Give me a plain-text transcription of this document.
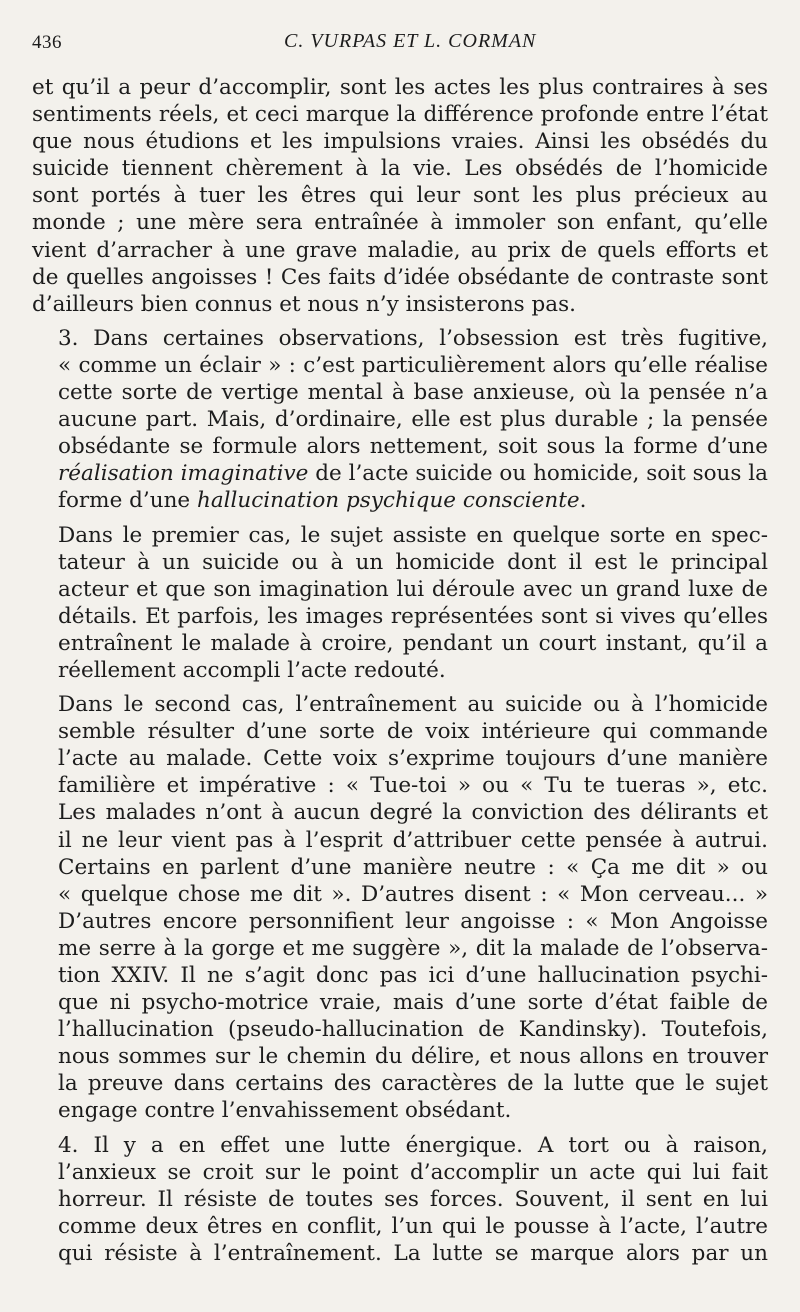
436	C. VURPAS ET L. CORMAN

et qu’il a peur d’accomplir, sont les actes les plus contraires à ses
sentiments réels, et ceci marque la différence profonde entre l’état
que nous étudions et les impulsions vraies. Ainsi les obsédés du
suicide tiennent chèrement à la vie. Les obsédés de l’homicide
sont portés à tuer les êtres qui leur sont les plus précieux au
monde ; une mère sera entraînée à immoler son enfant, qu’elle
vient d’arracher à une grave maladie, au prix de quels efforts et
de quelles angoisses ! Ces faits d’idée obsédante de contraste sont
d’ailleurs bien connus et nous n’y insisterons pas.

3. Dans certaines observations, l’obsession est très fugitive,
« comme un éclair » : c’est particulièrement alors qu’elle réalise
cette sorte de vertige mental à base anxieuse, où la pensée n’a
aucune part. Mais, d’ordinaire, elle est plus durable ; la pensée
obsédante se formule alors nettement, soit sous la forme d’une
réalisation imaginative de l’acte suicide ou homicide, soit sous la
forme d’une hallucination psychique consciente.

Dans le premier cas, le sujet assiste en quelque sorte en spec-
tateur à un suicide ou à un homicide dont il est le principal
acteur et que son imagination lui déroule avec un grand luxe de
détails. Et parfois, les images représentées sont si vives qu’elles
entraînent le malade à croire, pendant un court instant, qu’il a
réellement accompli l’acte redouté.

Dans le second cas, l’entraînement au suicide ou à l’homicide
semble résulter d’une sorte de voix intérieure qui commande
l’acte au malade. Cette voix s’exprime toujours d’une manière
familière et impérative : « Tue-toi » ou « Tu te tueras », etc.
Les malades n’ont à aucun degré la conviction des délirants et
il ne leur vient pas à l’esprit d’attribuer cette pensée à autrui.
Certains en parlent d’une manière neutre : « Ça me dit » ou
« quelque chose me dit ». D’autres disent : « Mon cerveau... »
D’autres encore personnifient leur angoisse : « Mon Angoisse
me serre à la gorge et me suggère », dit la malade de l’observa-
tion XXIV. Il ne s’agit donc pas ici d’une hallucination psychi-
que ni psycho-motrice vraie, mais d’une sorte d’état faible de
l’hallucination (pseudo-hallucination de Kandinsky). Toutefois,
nous sommes sur le chemin du délire, et nous allons en trouver
la preuve dans certains des caractères de la lutte que le sujet
engage contre l’envahissement obsédant.

4. Il y a en effet une lutte énergique. A tort ou à raison,
l’anxieux se croit sur le point d’accomplir un acte qui lui fait
horreur. Il résiste de toutes ses forces. Souvent, il sent en lui
comme deux êtres en conflit, l’un qui le pousse à l’acte, l’autre
qui résiste à l’entraînement. La lutte se marque alors par un
